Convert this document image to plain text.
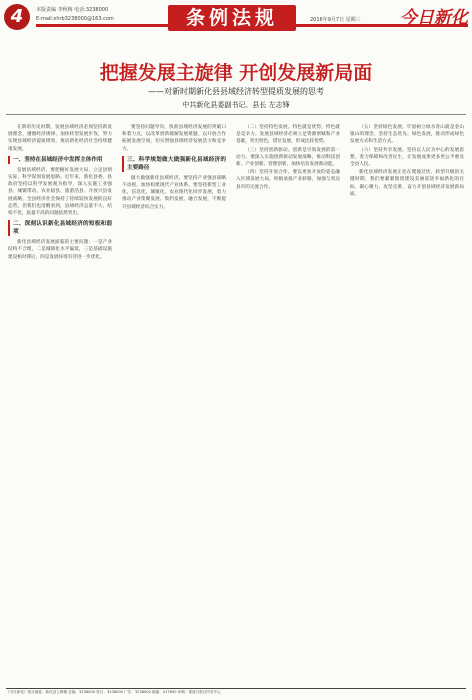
4	本版责编 李秋梅 电话:3238000
E-mail:xhrb3238000@163.com	条例法规	2016年9月7日 星期三 今日新化
把握发展主旋律 开创发展新局面
——对新时期新化县县域经济转型提质发展的思考
中共新化县委副书记、县长 左志锋

在新的历史时期，发展县域经济必须坚持新发展理念，遵循经济规律，加快转型发展步伐，努力实现县域经济提质增效，推动新化经济社会持续健康发展。

一、坚持在县域经济中发挥主体作用

发展县域经济，要把握好发展大局，立足县情实际，科学谋划发展思路。近年来，新化县委、县政府坚持以科学发展观为指导，深入实施工业强县、城镇带动、农业稳县、旅游活县、开放兴县发展战略，全县经济社会保持了持续较快发展的良好态势。但我们也清醒看到，县域经济总量不大、结构不优、质量不高的问题依然突出。

二、深刻认识新化县域经济的短板和弱项

新化县域经济发展面临的主要问题：一是产业结构不合理，二是城镇化水平偏低，三是基础设施建设相对滞后，四是发展环境有待进一步优化。

要坚持问题导向，找准县域经济发展的突破口和着力点，以改革创新破解发展难题，以开放合作拓展发展空间，切实增强县域经济发展活力和竞争力。

三、科学规划做大做强新化县域经济的主要路径

做大做强新化县域经济，要坚持产业强县战略不动摇，加快构建现代产业体系。要坚持新型工业化、信息化、城镇化、农业现代化同步发展，着力推动产业集聚发展、集约发展、融合发展，不断提升县域经济综合实力。

（二）坚持特色发展。特色就是优势，特色就是竞争力。发展县域经济必须立足资源禀赋和产业基础，突出特色，错位发展，形成比较优势。

（三）坚持创新驱动。创新是引领发展的第一动力。要深入实施创新驱动发展战略，推动科技创新、产业创新、管理创新，加快培育发展新动能。

（四）坚持开放合作。要以更加开放的姿态融入区域发展大局，积极承接产业转移，加强与周边县市的交流合作。

（五）坚持绿色发展。牢固树立绿水青山就是金山银山的理念，坚持生态优先、绿色发展，推动形成绿色发展方式和生活方式。

（六）坚持共享发展。坚持以人民为中心的发展思想，着力保障和改善民生，让发展成果更多更公平惠及全县人民。

新化县域经济发展正处在爬坡过坎、转型升级的关键时期，我们要紧紧围绕建设美丽富饶幸福新化的目标，凝心聚力、攻坚克难，奋力开创县域经济发展新局面。

《今日新化》报社地址：新化县上梅镇 总编：3238000 发行：3238000 广告：3238000 邮编：417600 印刷：娄底日报社印务中心
